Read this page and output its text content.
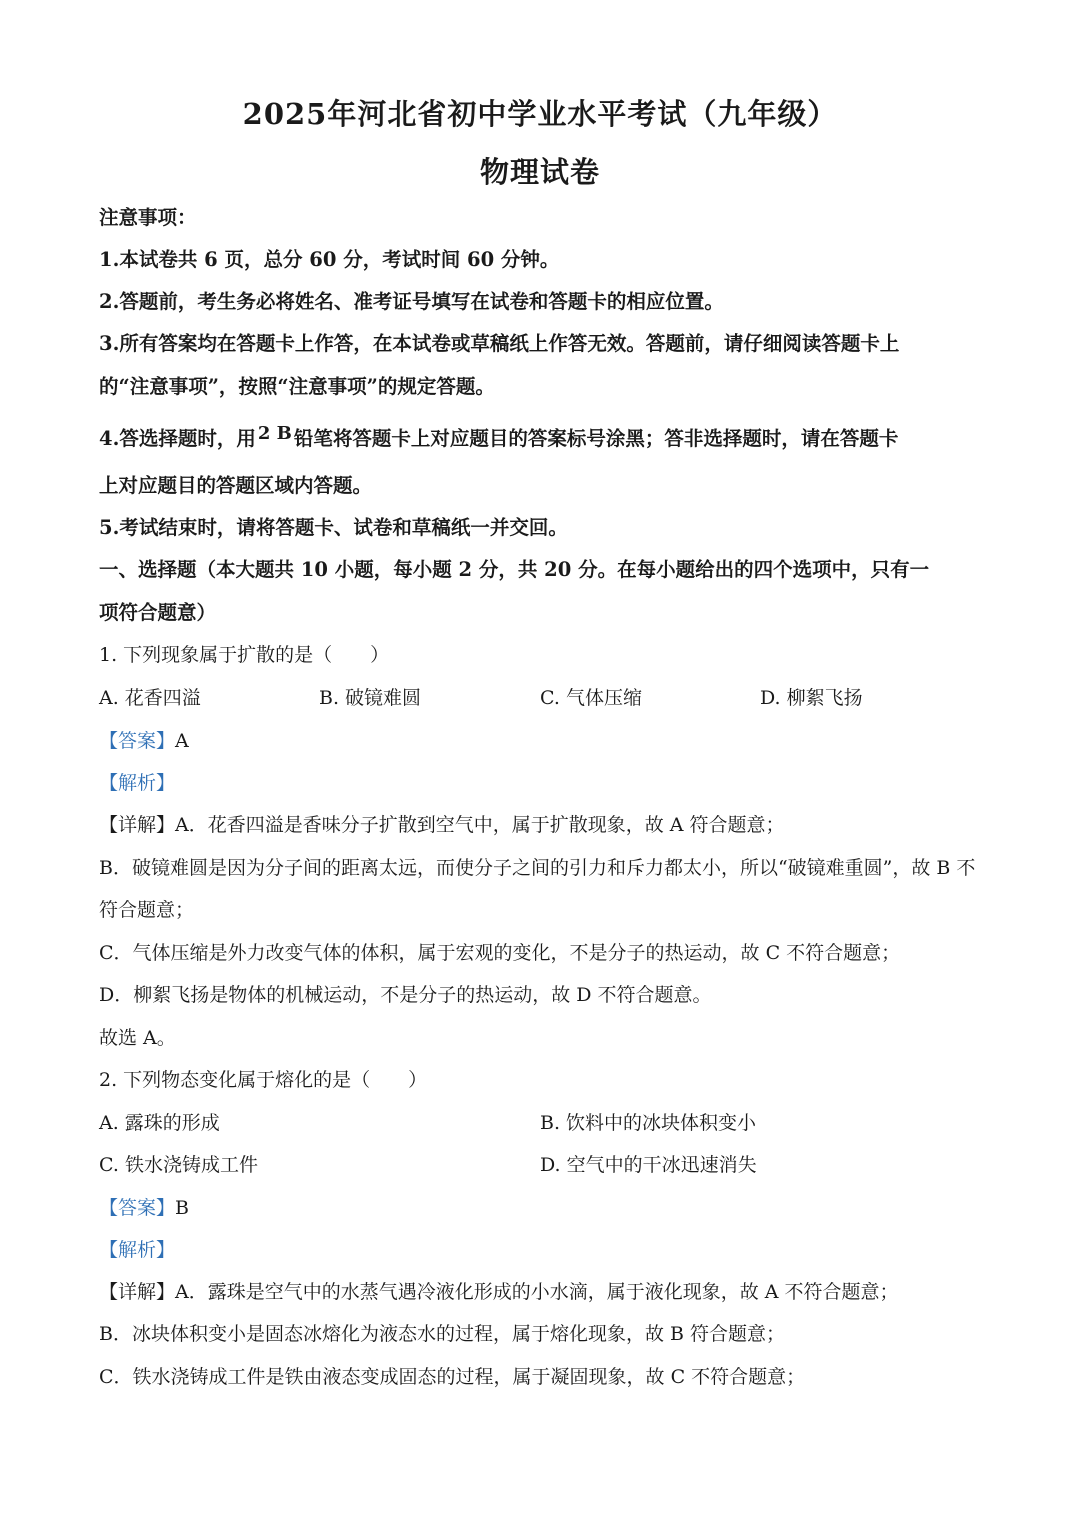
2025年河北省初中学业水平考试（九年级）
物理试卷
注意事项：
1.本试卷共 6 页，总分 60 分，考试时间 60 分钟。
2.答题前，考生务必将姓名、准考证号填写在试卷和答题卡的相应位置。
3.所有答案均在答题卡上作答，在本试卷或草稿纸上作答无效。答题前，请仔细阅读答题卡上
的“注意事项”，按照“注意事项”的规定答题。
4.答选择题时，用 $^{2 B}$ 铅笔将答题卡上对应题目的答案标号涂黑；答非选择题时，请在答题卡
上对应题目的答题区域内答题。
5.考试结束时，请将答题卡、试卷和草稿纸一并交回。
一、选择题（本大题共 10 小题，每小题 2 分，共 20 分。在每小题给出的四个选项中，只有一
项符合题意）
1. 下列现象属于扩散的是（　　）
A. 花香四溢	B. 破镜难圆	C. 气体压缩	D. 柳絮飞扬
【答案】A
【解析】
【详解】A．花香四溢是香味分子扩散到空气中，属于扩散现象，故 A 符合题意；
B．破镜难圆是因为分子间的距离太远，而使分子之间的引力和斥力都太小，所以“破镜难重圆”，故 B 不
符合题意；
C．气体压缩是外力改变气体的体积，属于宏观的变化，不是分子的热运动，故 C 不符合题意；
D．柳絮飞扬是物体的机械运动，不是分子的热运动，故 D 不符合题意。
故选 A。
2. 下列物态变化属于熔化的是（　　）
A. 露珠的形成	B. 饮料中的冰块体积变小
C. 铁水浇铸成工件	D. 空气中的干冰迅速消失
【答案】B
【解析】
【详解】A．露珠是空气中的水蒸气遇冷液化形成的小水滴，属于液化现象，故 A 不符合题意；
B．冰块体积变小是固态冰熔化为液态水的过程，属于熔化现象，故 B 符合题意；
C．铁水浇铸成工件是铁由液态变成固态的过程，属于凝固现象，故 C 不符合题意；
